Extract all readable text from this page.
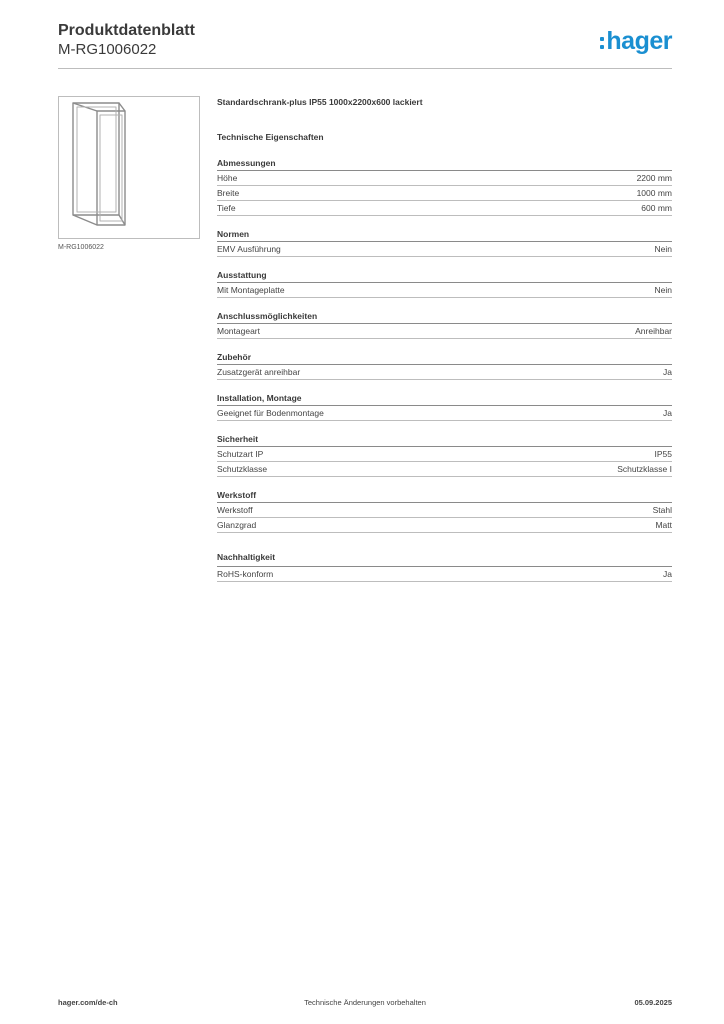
Produktdatenblatt
M-RG1006022	hager
M-RG1006022
Standardschrank-plus IP55 1000x2200x600 lackiert
Technische Eigenschaften
Abmessungen
Höhe	2200 mm
Breite	1000 mm
Tiefe	600 mm
Normen
EMV Ausführung	Nein
Ausstattung
Mit Montageplatte	Nein
Anschlussmöglichkeiten
Montageart	Anreihbar
Zubehör
Zusatzgerät anreihbar	Ja
Installation, Montage
Geeignet für Bodenmontage	Ja
Sicherheit
Schutzart IP	IP55
Schutzklasse	Schutzklasse I
Werkstoff
Werkstoff	Stahl
Glanzgrad	Matt
Nachhaltigkeit
RoHS-konform	Ja
hager.com/de-ch	Technische Änderungen vorbehalten	05.09.2025
